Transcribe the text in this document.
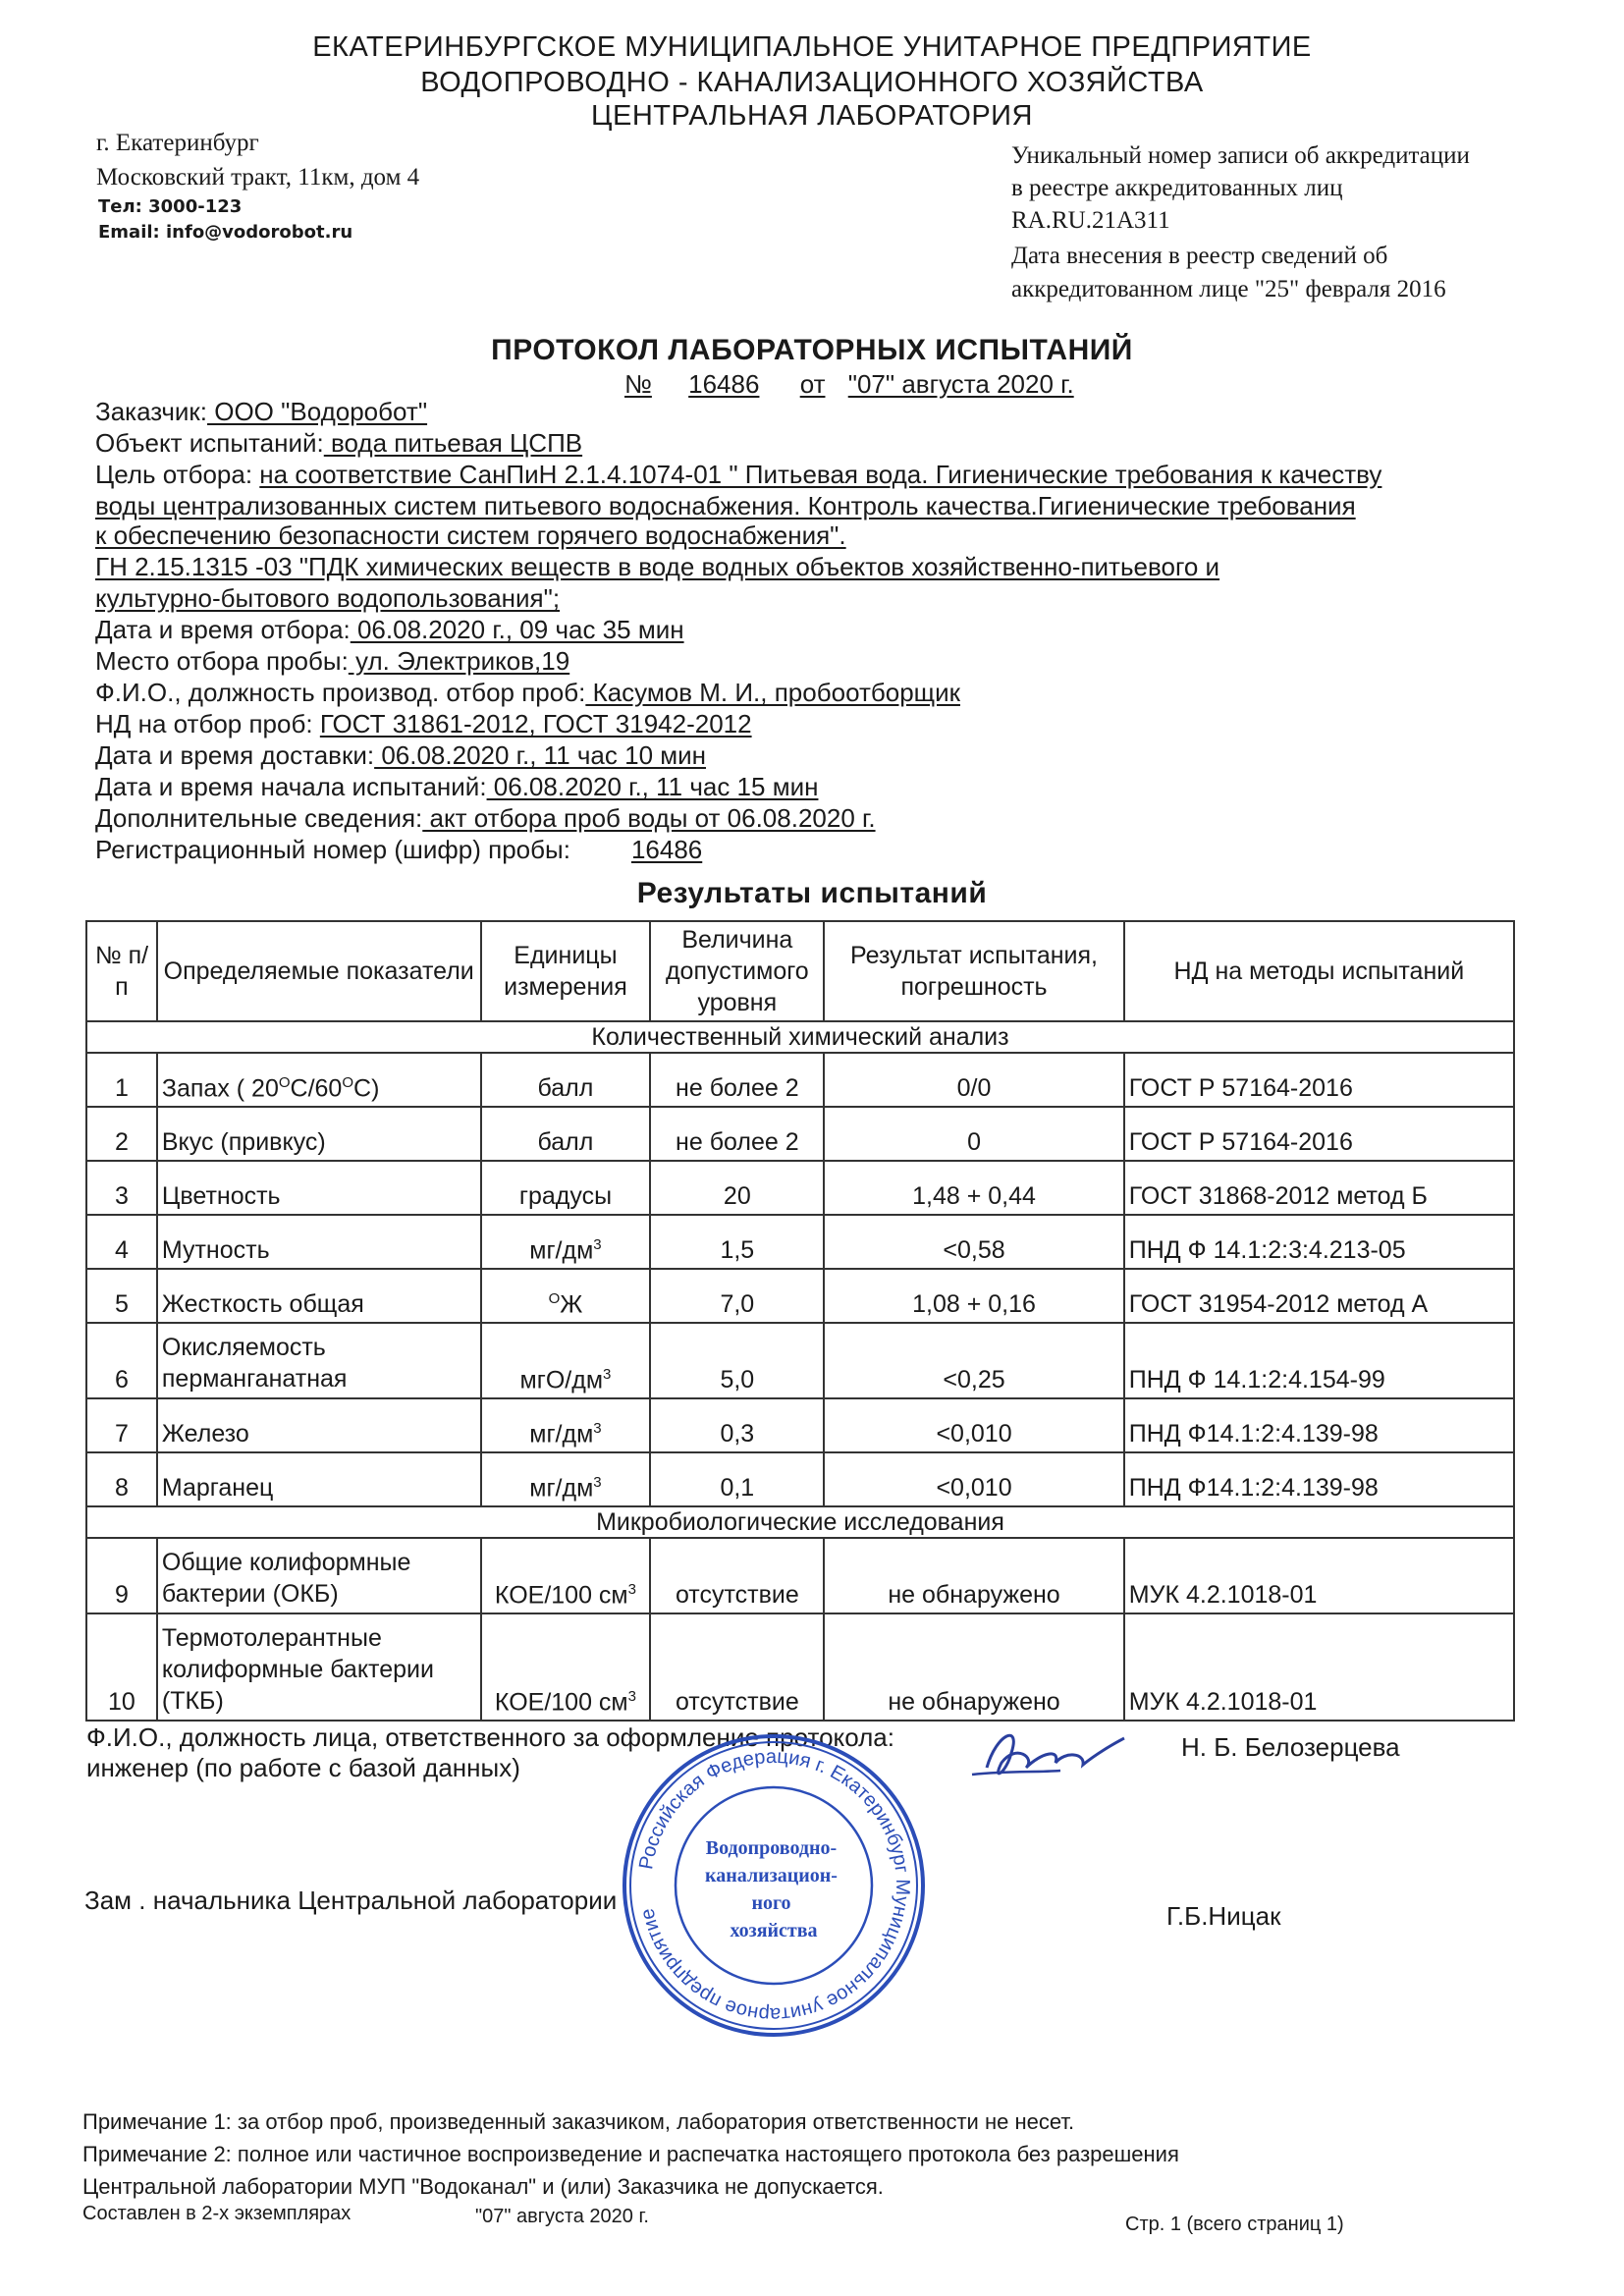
ЕКАТЕРИНБУРГСКОЕ МУНИЦИПАЛЬНОЕ УНИТАРНОЕ ПРЕДПРИЯТИЕ
ВОДОПРОВОДНО - КАНАЛИЗАЦИОННОГО ХОЗЯЙСТВА
ЦЕНТРАЛЬНАЯ ЛАБОРАТОРИЯ
г. Екатеринбург
Московский тракт, 11км, дом 4
Тел: 3000-123
Email: info@vodorobot.ru
Уникальный номер записи об аккредитации
в реестре аккредитованных лиц
RA.RU.21A311
Дата внесения в реестр сведений об
аккредитованном лице "25" февраля 2016
ПРОТОКОЛ ЛАБОРАТОРНЫХ ИСПЫТАНИЙ
№ 16486 от "07" августа 2020 г.
Заказчик: ООО "Водоробот"
Объект испытаний: вода питьевая ЦСПВ
Цель отбора: на соответствие СанПиН 2.1.4.1074-01 " Питьевая вода. Гигиенические требования к качеству
воды централизованных систем питьевого водоснабжения. Контроль качества.Гигиенические требования
к обеспечению безопасности систем горячего водоснабжения".
ГН 2.15.1315 -03 "ПДК химических веществ в воде водных объектов хозяйственно-питьевого и
культурно-бытового водопользования";
Дата и время отбора: 06.08.2020 г., 09 час 35 мин
Место отбора пробы: ул. Электриков,19
Ф.И.О., должность производ. отбор проб: Касумов М. И., пробоотборщик
НД на отбор проб: ГОСТ 31861-2012, ГОСТ 31942-2012
Дата и время доставки: 06.08.2020 г., 11 час 10 мин
Дата и время начала испытаний: 06.08.2020 г., 11 час 15 мин
Дополнительные сведения: акт отбора проб воды от 06.08.2020 г.
Регистрационный номер (шифр) пробы: 16486
Результаты испытаний
№ п/п	Определяемые показатели	Единицы измерения	Величина допустимого уровня	Результат испытания, погрешность	НД на методы испытаний
Количественный химический анализ					
1	Запах ( $20^ОС/60^ОС$)	балл	не более 2	0/0	ГОСТ Р 57164-2016
2	Вкус (привкус)	балл	не более 2	0	ГОСТ Р 57164-2016
3	Цветность	градусы	20	1,48 + 0,44	ГОСТ 31868-2012 метод Б
4	Мутность	$мг/дм^3$	1,5	<0,58	ПНД Ф 14.1:2:3:4.213-05
5	Жесткость общая	$^О$Ж	7,0	1,08 + 0,16	ГОСТ 31954-2012 метод А
6	Окисляемость
перманганатная	мгО/$дм^3$	5,0	<0,25	ПНД Ф 14.1:2:4.154-99
7	Железо	$мг/дм^3$	0,3	<0,010	ПНД Ф14.1:2:4.139-98
8	Марганец	$мг/дм^3$	0,1	<0,010	ПНД Ф14.1:2:4.139-98
Микробиологические исследования					
9	Общие колиформные
бактерии (ОКБ)	КОЕ/100 $см^3$	отсутствие	не обнаружено	МУК 4.2.1018-01
10	Термотолерантные
колиформные бактерии
(ТКБ)	КОЕ/100 $см^3$	отсутствие	не обнаружено	МУК 4.2.1018-01
Ф.И.О., должность лица, ответственного за оформление протокола:
инженер (по работе с базой данных)
Н. Б. Белозерцева
Зам . начальника Центральной лаборатории
Г.Б.Ницак
Российская Федерация г. Екатеринбург Муниципальное унитарное предприятие
Водопроводно- канализацион- ного хозяйства
Примечание 1: за отбор проб, произведенный заказчиком, лаборатория ответственности не несет.
Примечание 2: полное или частичное воспроизведение и распечатка настоящего протокола без разрешения
Центральной лаборатории МУП "Водоканал" и (или) Заказчика не допускается.
Составлен в 2-х экземплярах	"07" августа 2020 г.	Стр. 1 (всего страниц 1)
